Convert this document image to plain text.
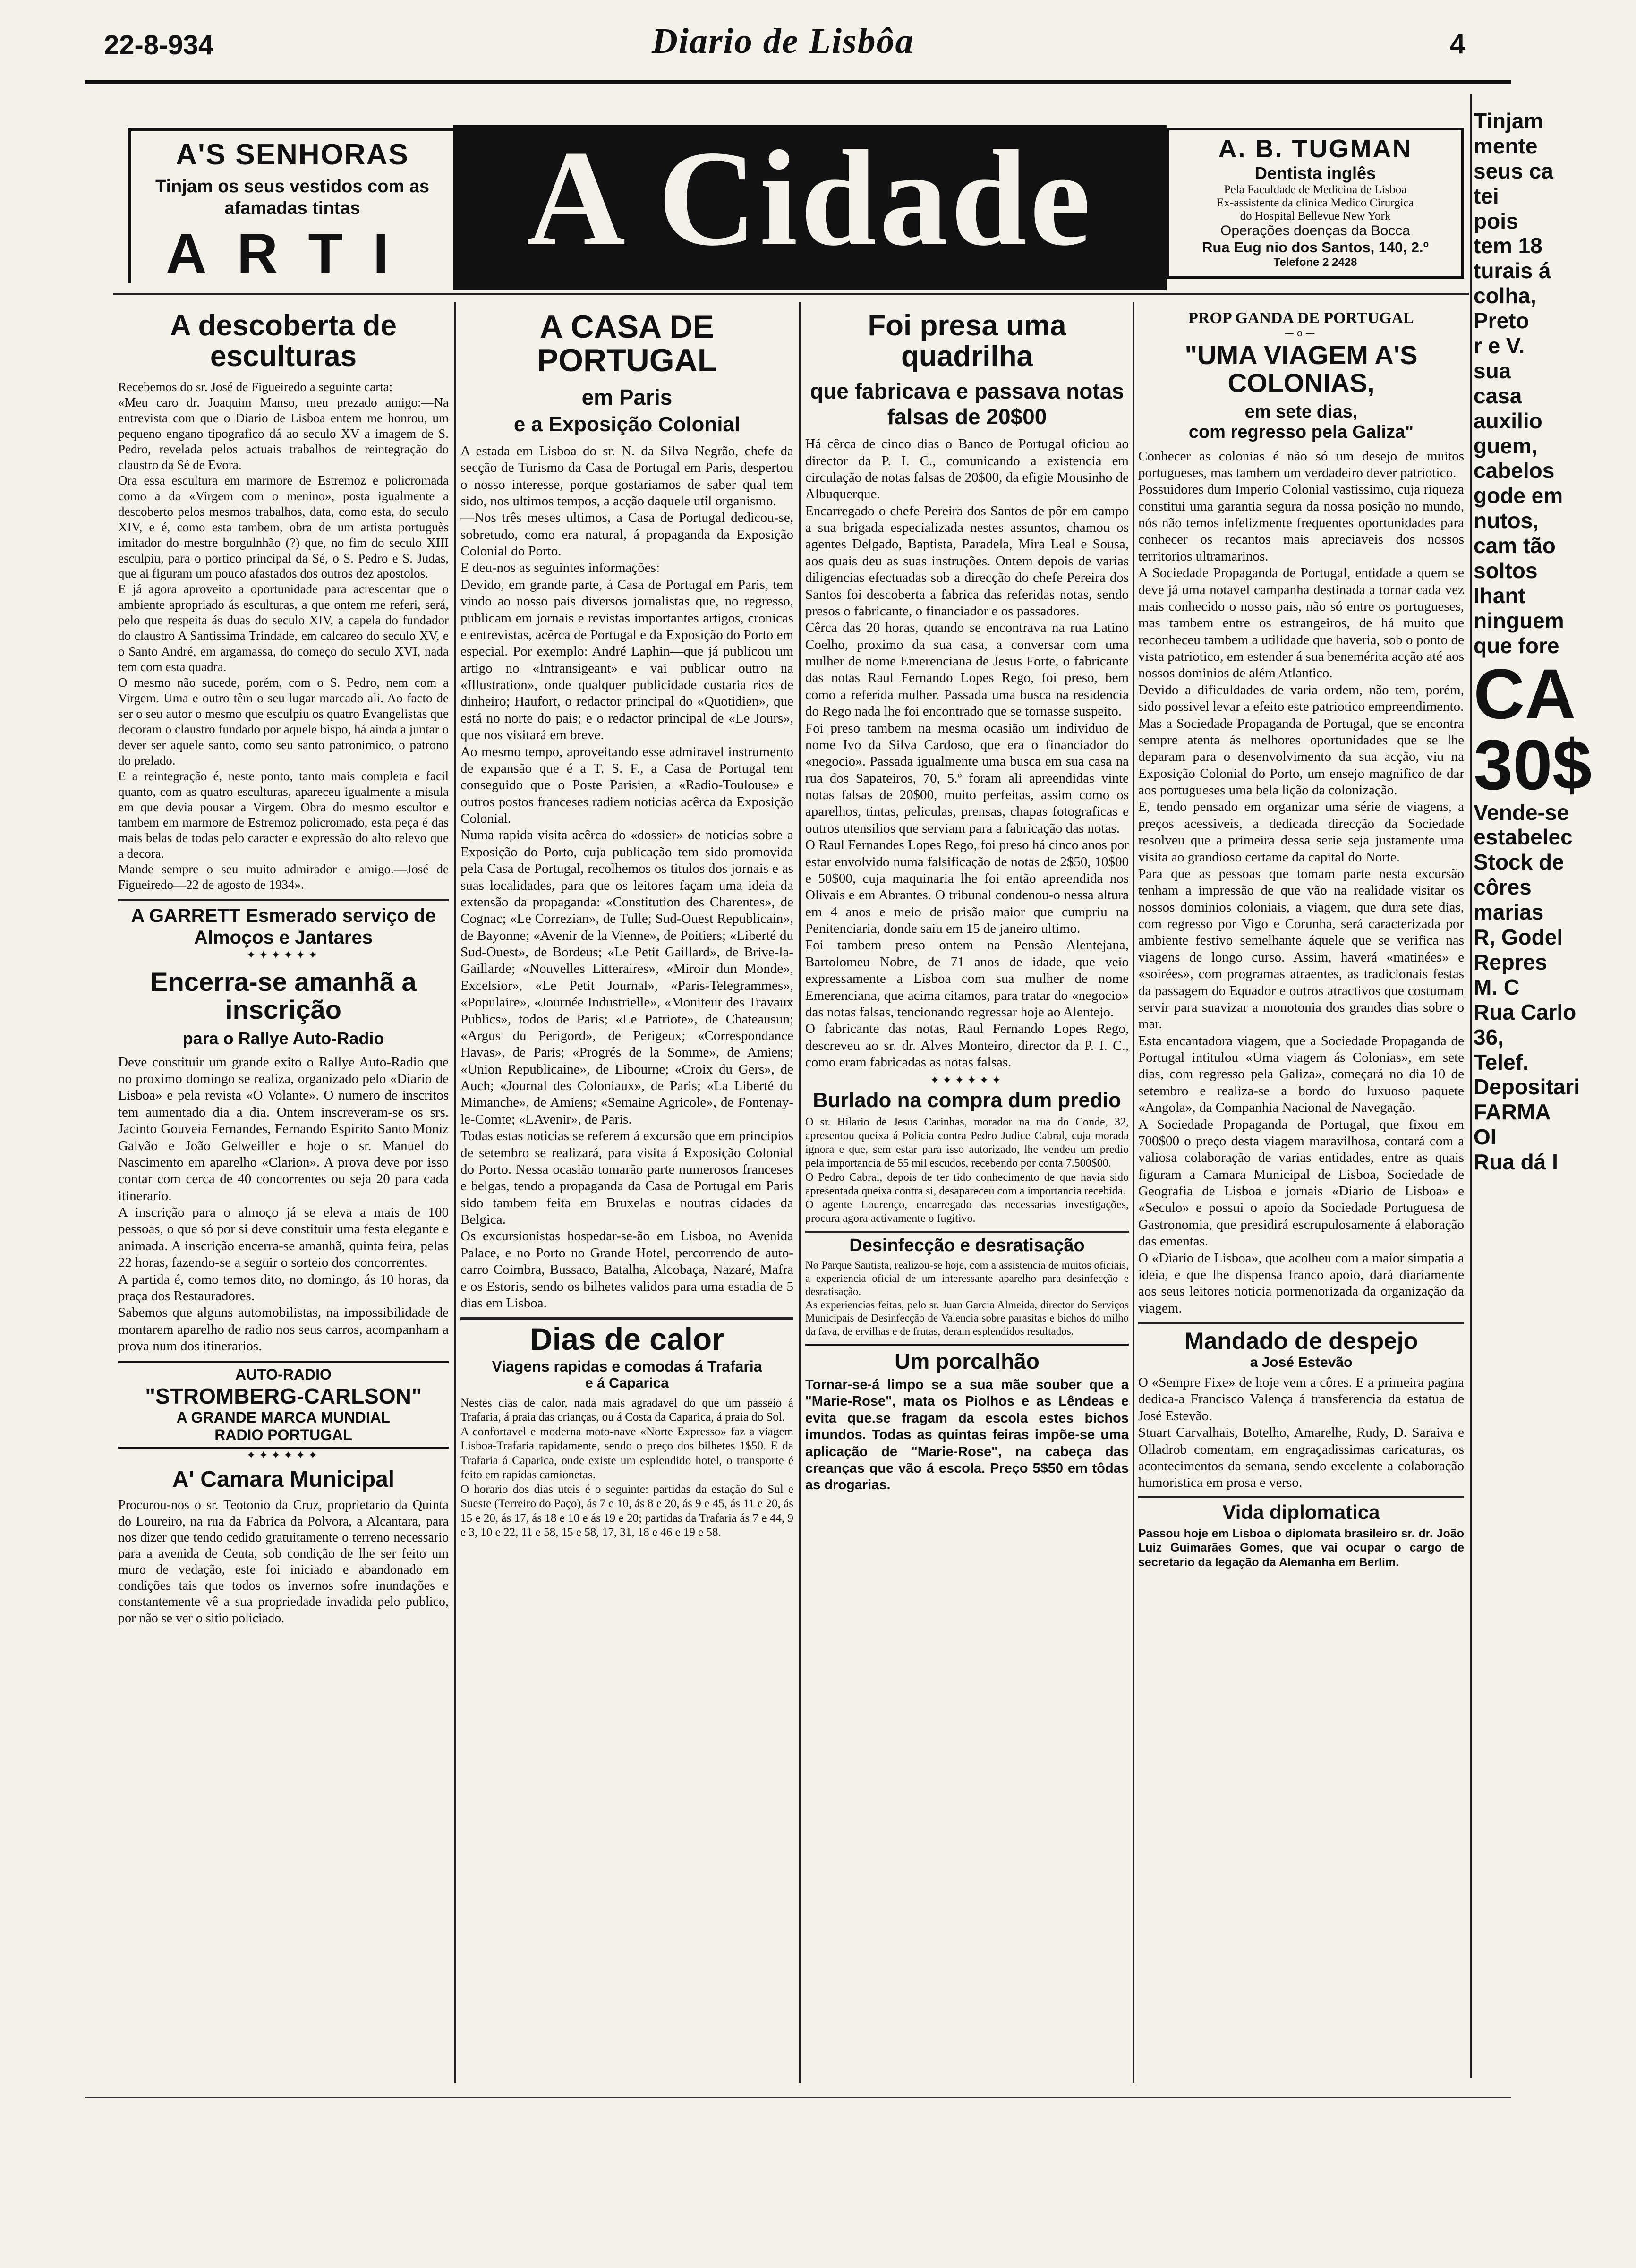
22-8-934	Diario de Lisbôa	4
A'S SENHORAS
Tinjam os seus vestidos com as afamadas tintas
ARTI A Cidade	A. B. TUGMAN
Dentista inglês
Pela Faculdade de Medicina de Lisboa
Ex-assistente da clinica Medico Cirurgica
do Hospital Bellevue New York
Operações doenças da Bocca
Rua Eug nio dos Santos, 140, 2.º
Telefone 2 2428
A descoberta de esculturas
Recebemos do sr. José de Figueiredo a seguinte carta:
«Meu caro dr. Joaquim Manso, meu prezado amigo:—Na entrevista com que o Diario de Lisboa entem me honrou, um pequeno engano tipografico dá ao seculo XV a imagem de S. Pedro, revelada pelos actuais trabalhos de reintegração do claustro da Sé de Evora.
Ora essa escultura em marmore de Estremoz e policromada como a da «Virgem com o menino», posta igualmente a descoberto pelos mesmos trabalhos, data, como esta, do seculo XIV, e é, como esta tambem, obra de um artista portuguès imitador do mestre borgulnhão (?) que, no fim do seculo XIII esculpiu, para o portico principal da Sé, o S. Pedro e S. Judas, que ai figuram um pouco afastados dos outros dez apostolos.
E já agora aproveito a oportunidade para acrescentar que o ambiente apropriado ás esculturas, a que ontem me referi, será, pelo que respeita ás duas do seculo XIV, a capela do fundador do claustro A Santissima Trindade, em calcareo do seculo XV, e o Santo André, em argamassa, do começo do seculo XVI, nada tem com esta quadra.
O mesmo não sucede, porém, com o S. Pedro, nem com a Virgem. Uma e outro têm o seu lugar marcado ali. Ao facto de ser o seu autor o mesmo que esculpiu os quatro Evangelistas que decoram o claustro fundado por aquele bispo, há ainda a juntar o dever ser aquele santo, como seu santo patronimico, o patrono do prelado.
E a reintegração é, neste ponto, tanto mais completa e facil quanto, com as quatro esculturas, apareceu igualmente a misula em que devia pousar a Virgem. Obra do mesmo escultor e tambem em marmore de Estremoz policromado, esta peça é das mais belas de todas pelo caracter e expressão do alto relevo que a decora.
Mande sempre o seu muito admirador e amigo.—José de Figueiredo—22 de agosto de 1934».
A GARRETT Esmerado serviço de Almoços e Jantares
✦✦✦✦✦✦
Encerra-se amanhã a inscrição
para o Rallye Auto-Radio
Deve constituir um grande exito o Rallye Auto-Radio que no proximo domingo se realiza, organizado pelo «Diario de Lisboa» e pela revista «O Volante». O numero de inscritos tem aumentado dia a dia. Ontem inscreveram-se os srs. Jacinto Gouveia Fernandes, Fernando Espirito Santo Moniz Galvão e João Gelweiller e hoje o sr. Manuel do Nascimento em aparelho «Clarion». A prova deve por isso contar com cerca de 40 concorrentes ou seja 20 para cada itinerario.
A inscrição para o almoço já se eleva a mais de 100 pessoas, o que só por si deve constituir uma festa elegante e animada. A inscrição encerra-se amanhã, quinta feira, pelas 22 horas, fazendo-se a seguir o sorteio dos concorrentes.
A partida é, como temos dito, no domingo, ás 10 horas, da praça dos Restauradores.
Sabemos que alguns automobilistas, na impossibilidade de montarem aparelho de radio nos seus carros, acompanham a prova num dos itinerarios.
AUTO-RADIO
"STROMBERG-CARLSON"
A GRANDE MARCA MUNDIAL
RADIO PORTUGAL
✦✦✦✦✦✦
A' Camara Municipal
Procurou-nos o sr. Teotonio da Cruz, proprietario da Quinta do Loureiro, na rua da Fabrica da Polvora, a Alcantara, para nos dizer que tendo cedido gratuitamente o terreno necessario para a avenida de Ceuta, sob condição de lhe ser feito um muro de vedação, este foi iniciado e abandonado em condições tais que todos os invernos sofre inundações e constantemente vê a sua propriedade invadida pelo publico, por não se ver o sitio policiado.
A CASA DE PORTUGAL
em Paris
e a Exposição Colonial
A estada em Lisboa do sr. N. da Silva Negrão, chefe da secção de Turismo da Casa de Portugal em Paris, despertou o nosso interesse, porque gostariamos de saber qual tem sido, nos ultimos tempos, a acção daquele util organismo.
—Nos três meses ultimos, a Casa de Portugal dedicou-se, sobretudo, como era natural, á propaganda da Exposição Colonial do Porto.
E deu-nos as seguintes informações:
Devido, em grande parte, á Casa de Portugal em Paris, tem vindo ao nosso pais diversos jornalistas que, no regresso, publicam em jornais e revistas importantes artigos, cronicas e entrevistas, acêrca de Portugal e da Exposição do Porto em especial. Por exemplo: André Laphin—que já publicou um artigo no «Intransigeant» e vai publicar outro na «Illustration», onde qualquer publicidade custaria rios de dinheiro; Haufort, o redactor principal do «Quotidien», que está no norte do pais; e o redactor principal de «Le Jours», que nos visitará em breve.
Ao mesmo tempo, aproveitando esse admiravel instrumento de expansão que é a T. S. F., a Casa de Portugal tem conseguido que o Poste Parisien, a «Radio-Toulouse» e outros postos franceses radiem noticias acêrca da Exposição Colonial.
Numa rapida visita acêrca do «dossier» de noticias sobre a Exposição do Porto, cuja publicação tem sido promovida pela Casa de Portugal, recolhemos os titulos dos jornais e as suas localidades, para que os leitores façam uma ideia da extensão da propaganda: «Constitution des Charentes», de Cognac; «Le Correzian», de Tulle; Sud-Ouest Republicain», de Bayonne; «Avenir de la Vienne», de Poitiers; «Liberté du Sud-Ouest», de Bordeus; «Le Petit Gaillard», de Brive-la-Gaillarde; «Nouvelles Litteraires», «Miroir dun Monde», Excelsior», «Le Petit Journal», «Paris-Telegrammes», «Populaire», «Journée Industrielle», «Moniteur des Travaux Publics», todos de Paris; «Le Patriote», de Chateausun; «Argus du Perigord», de Perigeux; «Correspondance Havas», de Paris; «Progrés de la Somme», de Amiens; «Union Republicaine», de Libourne; «Croix du Gers», de Auch; «Journal des Coloniaux», de Paris; «La Liberté du Mimanche», de Amiens; «Semaine Agricole», de Fontenay-le-Comte; «LAvenir», de Paris.
Todas estas noticias se referem á excursão que em principios de setembro se realizará, para visita á Exposição Colonial do Porto. Nessa ocasião tomarão parte numerosos franceses e belgas, tendo a propaganda da Casa de Portugal em Paris sido tambem feita em Bruxelas e noutras cidades da Belgica.
Os excursionistas hospedar-se-ão em Lisboa, no Avenida Palace, e no Porto no Grande Hotel, percorrendo de auto-carro Coimbra, Bussaco, Batalha, Alcobaça, Nazaré, Mafra e os Estoris, sendo os bilhetes validos para uma estadia de 5 dias em Lisboa.
Dias de calor
Viagens rapidas e comodas á Trafaria
e á Caparica
Nestes dias de calor, nada mais agradavel do que um passeio á Trafaria, á praia das crianças, ou á Costa da Caparica, á praia do Sol.
A confortavel e moderna moto-nave «Norte Expresso» faz a viagem Lisboa-Trafaria rapidamente, sendo o preço dos bilhetes 1$50. E da Trafaria á Caparica, onde existe um esplendido hotel, o transporte é feito em rapidas camionetas.
O horario dos dias uteis é o seguinte: partidas da estação do Sul e Sueste (Terreiro do Paço), ás 7 e 10, ás 8 e 20, ás 9 e 45, ás 11 e 20, ás 15 e 20, ás 17, ás 18 e 10 e ás 19 e 20; partidas da Trafaria ás 7 e 44, 9 e 3, 10 e 22, 11 e 58, 15 e 58, 17, 31, 18 e 46 e 19 e 58.
Foi presa uma quadrilha
que fabricava e passava notas falsas de 20$00
Há cêrca de cinco dias o Banco de Portugal oficiou ao director da P. I. C., comunicando a existencia em circulação de notas falsas de 20$00, da efigie Mousinho de Albuquerque.
Encarregado o chefe Pereira dos Santos de pôr em campo a sua brigada especializada nestes assuntos, chamou os agentes Delgado, Baptista, Paradela, Mira Leal e Sousa, aos quais deu as suas instruções. Ontem depois de varias diligencias efectuadas sob a direcção do chefe Pereira dos Santos foi descoberta a fabrica das referidas notas, sendo presos o fabricante, o financiador e os passadores.
Cêrca das 20 horas, quando se encontrava na rua Latino Coelho, proximo da sua casa, a conversar com uma mulher de nome Emerenciana de Jesus Forte, o fabricante das notas Raul Fernando Lopes Rego, foi preso, bem como a referida mulher. Passada uma busca na residencia do Rego nada lhe foi encontrado que se tornasse suspeito.
Foi preso tambem na mesma ocasião um individuo de nome Ivo da Silva Cardoso, que era o financiador do «negocio». Passada igualmente uma busca em sua casa na rua dos Sapateiros, 70, 5.º foram ali apreendidas vinte notas falsas de 20$00, muito perfeitas, assim como os aparelhos, tintas, peliculas, prensas, chapas fotograficas e outros utensilios que serviam para a fabricação das notas.
O Raul Fernandes Lopes Rego, foi preso há cinco anos por estar envolvido numa falsificação de notas de 2$50, 10$00 e 50$00, cuja maquinaria lhe foi então apreendida nos Olivais e em Abrantes. O tribunal condenou-o nessa altura em 4 anos e meio de prisão maior que cumpriu na Penitenciaria, donde saiu em 15 de janeiro ultimo.
Foi tambem preso ontem na Pensão Alentejana, Bartolomeu Nobre, de 71 anos de idade, que veio expressamente a Lisboa com sua mulher de nome Emerenciana, que acima citamos, para tratar do «negocio» das notas falsas, tencionando regressar hoje ao Alentejo.
O fabricante das notas, Raul Fernando Lopes Rego, descreveu ao sr. dr. Alves Monteiro, director da P. I. C., como eram fabricadas as notas falsas.
✦✦✦✦✦✦
Burlado na compra dum predio
O sr. Hilario de Jesus Carinhas, morador na rua do Conde, 32, apresentou queixa á Policia contra Pedro Judice Cabral, cuja morada ignora e que, sem estar para isso autorizado, lhe vendeu um predio pela importancia de 55 mil escudos, recebendo por conta 7.500$00.
O Pedro Cabral, depois de ter tido conhecimento de que havia sido apresentada queixa contra si, desapareceu com a importancia recebida.
O agente Lourenço, encarregado das necessarias investigações, procura agora activamente o fugitivo.
Desinfecção e desratisação
No Parque Santista, realizou-se hoje, com a assistencia de muitos oficiais, a experiencia oficial de um interessante aparelho para desinfecção e desratisação.
As experiencias feitas, pelo sr. Juan Garcia Almeida, director do Serviços Municipais de Desinfecção de Valencia sobre parasitas e bichos do milho da fava, de ervilhas e de frutas, deram esplendidos resultados.
Um porcalhão
Tornar-se-á limpo se a sua mãe souber que a "Marie-Rose", mata os Piolhos e as Lêndeas e evita que.se fragam da escola estes bichos imundos. Todas as quintas feiras impõe-se uma aplicação de "Marie-Rose", na cabeça das creanças que vão á escola. Preço 5$50 em tôdas as drogarias.
PROP GANDA DE PORTUGAL
—o—
"UMA VIAGEM A'S COLONIAS,
em sete dias,
com regresso pela Galiza"
Conhecer as colonias é não só um desejo de muitos portugueses, mas tambem um verdadeiro dever patriotico.
Possuidores dum Imperio Colonial vastissimo, cuja riqueza constitui uma garantia segura da nossa posição no mundo, nós não temos infelizmente frequentes oportunidades para conhecer os recantos mais apreciaveis dos nossos territorios ultramarinos.
A Sociedade Propaganda de Portugal, entidade a quem se deve já uma notavel campanha destinada a tornar cada vez mais conhecido o nosso pais, não só entre os portugueses, mas tambem entre os estrangeiros, de há muito que reconheceu tambem a utilidade que haveria, sob o ponto de vista patriotico, em estender á sua benemérita acção até aos nossos dominios de além Atlantico.
Devido a dificuldades de varia ordem, não tem, porém, sido possivel levar a efeito este patriotico empreendimento.
Mas a Sociedade Propaganda de Portugal, que se encontra sempre atenta ás melhores oportunidades que se lhe deparam para o desenvolvimento da sua acção, viu na Exposição Colonial do Porto, um ensejo magnifico de dar aos portugueses uma bela lição da colonização.
E, tendo pensado em organizar uma série de viagens, a preços acessiveis, a dedicada direcção da Sociedade resolveu que a primeira dessa serie seja justamente uma visita ao grandioso certame da capital do Norte.
Para que as pessoas que tomam parte nesta excursão tenham a impressão de que vão na realidade visitar os nossos dominios coloniais, a viagem, que dura sete dias, com regresso por Vigo e Corunha, será caracterizada por ambiente festivo semelhante áquele que se verifica nas viagens de longo curso. Assim, haverá «matinées» e «soirées», com programas atraentes, as tradicionais festas da passagem do Equador e outros atractivos que costumam servir para suavizar a monotonia dos grandes dias sobre o mar.
Esta encantadora viagem, que a Sociedade Propaganda de Portugal intitulou «Uma viagem ás Colonias», em sete dias, com regresso pela Galiza», começará no dia 10 de setembro e realiza-se a bordo do luxuoso paquete «Angola», da Companhia Nacional de Navegação.
A Sociedade Propaganda de Portugal, que fixou em 700$00 o preço desta viagem maravilhosa, contará com a valiosa colaboração de varias entidades, entre as quais figuram a Camara Municipal de Lisboa, Sociedade de Geografia de Lisboa e jornais «Diario de Lisboa» e «Seculo» e possui o apoio da Sociedade Portuguesa de Gastronomia, que presidirá escrupulosamente á elaboração das ementas.
O «Diario de Lisboa», que acolheu com a maior simpatia a ideia, e que lhe dispensa franco apoio, dará diariamente aos seus leitores noticia pormenorizada da organização da viagem.
Mandado de despejo
a José Estevão
O «Sempre Fixe» de hoje vem a côres. E a primeira pagina dedica-a Francisco Valença á transferencia da estatua de José Estevão.
Stuart Carvalhais, Botelho, Amarelhe, Rudy, D. Saraiva e Olladrob comentam, em engraçadissimas caricaturas, os acontecimentos da semana, sendo excelente a colaboração humoristica em prosa e verso.
Vida diplomatica
Passou hoje em Lisboa o diplomata brasileiro sr. dr. João Luiz Guimarães Gomes, que vai ocupar o cargo de secretario da legação da Alemanha em Berlim.
Tinjam
mente
seus ca
tei
pois
tem 18
turais á
colha,
Preto
r e V.
sua
casa
auxilio
guem,
cabelos
gode em
nutos,
cam tão
soltos
Ihant
ninguem
que fore
CA
30$
Vende-se
estabelec
Stock de
côres
marias
R, Godel
Repres
M. C
Rua Carlo
36,
Telef.
Depositari
FARMA
OI
Rua dá I
